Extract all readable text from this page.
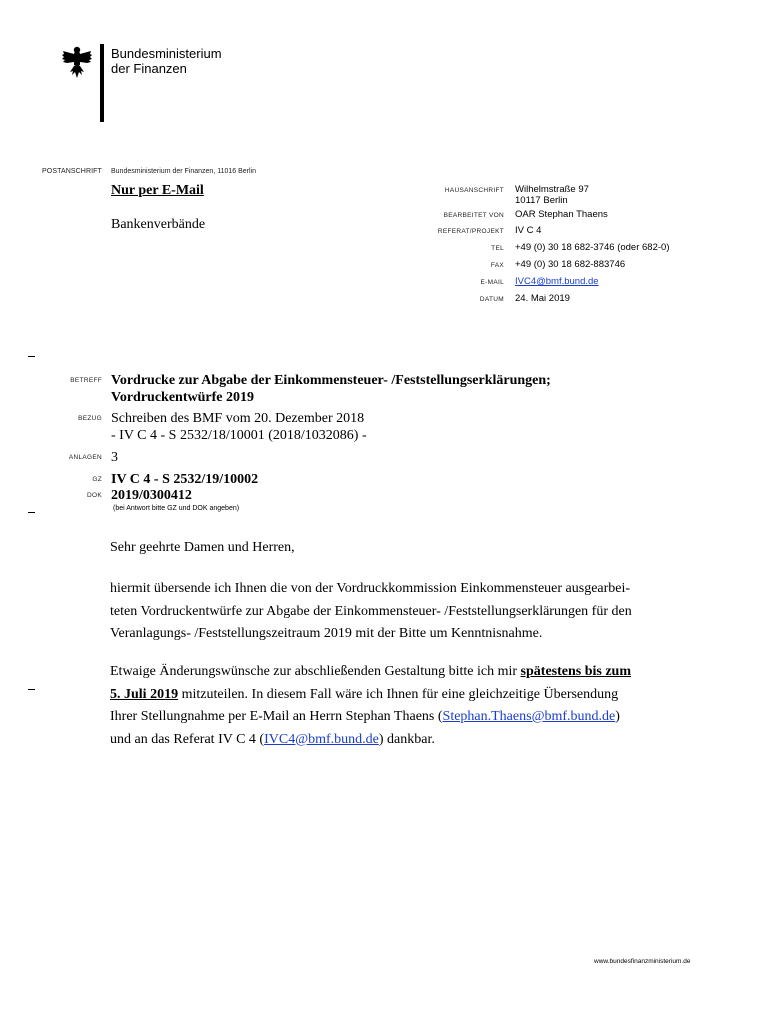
Bundesministerium
der Finanzen
POSTANSCHRIFT Bundesministerium der Finanzen, 11016 Berlin
Nur per E-Mail
Bankenverbände
HAUSANSCHRIFT Wilhelmstraße 97
10117 Berlin
BEARBEITET VON OAR Stephan Thaens
REFERAT/PROJEKT IV C 4
TEL +49 (0) 30 18 682-3746 (oder 682-0)
FAX +49 (0) 30 18 682-883746
E-MAIL IVC4@bmf.bund.de
DATUM 24. Mai 2019
BETREFF Vordrucke zur Abgabe der Einkommensteuer- /Feststellungserklärungen;
Vordruckentwürfe 2019
BEZUG Schreiben des BMF vom 20. Dezember 2018
- IV C 4 - S 2532/18/10001 (2018/1032086) -
ANLAGEN 3
GZ IV C 4 - S 2532/19/10002
DOK 2019/0300412
(bei Antwort bitte GZ und DOK angeben)
Sehr geehrte Damen und Herren,
hiermit übersende ich Ihnen die von der Vordruckkommission Einkommensteuer ausgearbei-
teten Vordruckentwürfe zur Abgabe der Einkommensteuer- /Feststellungserklärungen für den
Veranlagungs- /Feststellungszeitraum 2019 mit der Bitte um Kenntnisnahme.
Etwaige Änderungswünsche zur abschließenden Gestaltung bitte ich mir spätestens bis zum
5. Juli 2019 mitzuteilen. In diesem Fall wäre ich Ihnen für eine gleichzeitige Übersendung
Ihrer Stellungnahme per E-Mail an Herrn Stephan Thaens (Stephan.Thaens@bmf.bund.de)
und an das Referat IV C 4 (IVC4@bmf.bund.de) dankbar.
www.bundesfinanzministerium.de
